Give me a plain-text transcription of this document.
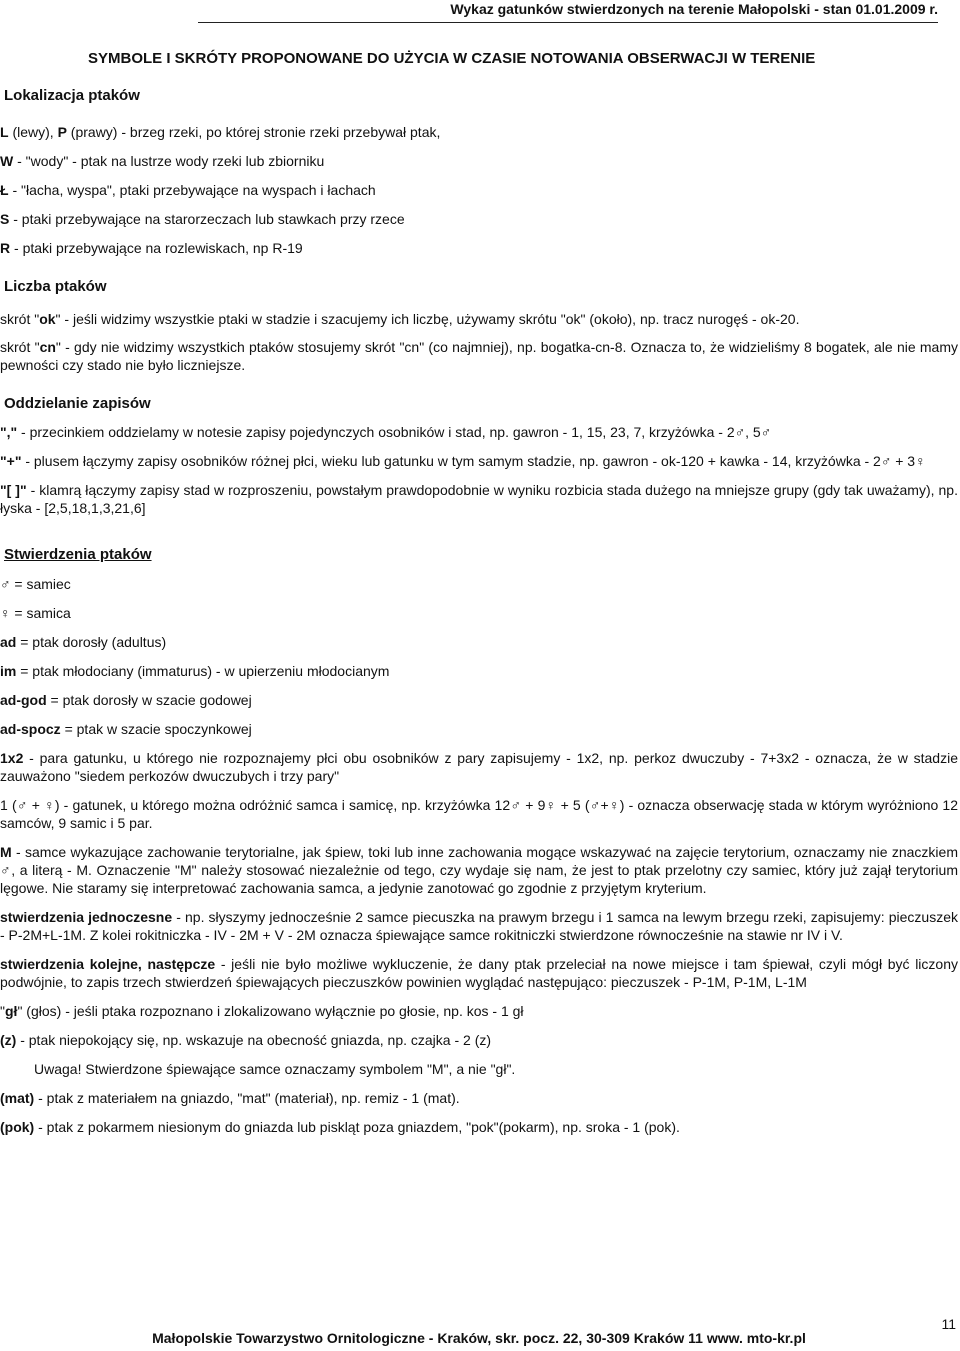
Wykaz gatunków stwierdzonych na terenie Małopolski - stan 01.01.2009 r.
SYMBOLE I SKRÓTY PROPONOWANE DO UŻYCIA W CZASIE NOTOWANIA OBSERWACJI W TERENIE
Lokalizacja ptaków

L (lewy), P (prawy) - brzeg rzeki, po której stronie rzeki przebywał ptak,

W - "wody" - ptak na lustrze wody rzeki lub zbiorniku

Ł - "łacha, wyspa", ptaki przebywające na wyspach i łachach

S - ptaki przebywające na starorzeczach lub stawkach przy rzece

R - ptaki przebywające na rozlewiskach, np R-19

Liczba ptaków

skrót "ok" - jeśli widzimy wszystkie ptaki w stadzie i szacujemy ich liczbę, używamy skrótu "ok" (około), np. tracz nurogęś - ok-20.

skrót "cn" - gdy nie widzimy wszystkich ptaków stosujemy skrót "cn" (co najmniej), np. bogatka-cn-8. Oznacza to, że widzieliśmy 8 bogatek, ale nie mamy pewności czy stado nie było liczniejsze.

Oddzielanie zapisów

"," - przecinkiem oddzielamy w notesie zapisy pojedynczych osobników i stad, np. gawron - 1, 15, 23, 7, krzyżówka - 2♂, 5♂

"+" - plusem łączymy zapisy osobników różnej płci, wieku lub gatunku w tym samym stadzie, np. gawron - ok-120 + kawka - 14, krzyżówka - 2♂ + 3♀

"[ ]" - klamrą łączymy zapisy stad w rozproszeniu, powstałym prawdopodobnie w wyniku rozbicia stada dużego na mniejsze grupy (gdy tak uważamy), np. łyska - [2,5,18,1,3,21,6]

Stwierdzenia ptaków

♂ = samiec

♀ = samica

ad = ptak dorosły (adultus)

im = ptak młodociany (immaturus) - w upierzeniu młodocianym

ad-god = ptak dorosły w szacie godowej

ad-spocz = ptak w szacie spoczynkowej

1x2 - para gatunku, u którego nie rozpoznajemy płci obu osobników z pary zapisujemy - 1x2, np. perkoz dwuczuby - 7+3x2 - oznacza, że w stadzie zauważono "siedem perkozów dwuczubych i trzy pary"

1 (♂ + ♀) - gatunek, u którego można odróżnić samca i samicę, np. krzyżówka 12♂ + 9♀ + 5 (♂+♀) - oznacza obserwację stada w którym wyróżniono 12 samców, 9 samic i 5 par.

M - samce wykazujące zachowanie terytorialne, jak śpiew, toki lub inne zachowania mogące wskazywać na zajęcie terytorium, oznaczamy nie znaczkiem ♂, a literą - M. Oznaczenie "M" należy stosować niezależnie od tego, czy wydaje się nam, że jest to ptak przelotny czy samiec, który już zajął terytorium lęgowe. Nie staramy się interpretować zachowania samca, a jedynie zanotować go zgodnie z przyjętym kryterium.

stwierdzenia jednoczesne - np. słyszymy jednocześnie 2 samce piecuszka na prawym brzegu i 1 samca na lewym brzegu rzeki, zapisujemy: pieczuszek - P-2M+L-1M. Z kolei rokitniczka - IV - 2M + V - 2M oznacza śpiewające samce rokitniczki stwierdzone równocześnie na stawie nr IV i V.

stwierdzenia kolejne, następcze - jeśli nie było możliwe wykluczenie, że dany ptak przeleciał na nowe miejsce i tam śpiewał, czyli mógł być liczony podwójnie, to zapis trzech stwierdzeń śpiewających pieczuszków powinien wyglądać następująco: pieczuszek - P-1M, P-1M, L-1M

"gł" (głos) - jeśli ptaka rozpoznano i zlokalizowano wyłącznie po głosie, np. kos - 1 gł

(z) - ptak niepokojący się, np. wskazuje na obecność gniazda, np. czajka - 2 (z)

Uwaga! Stwierdzone śpiewające samce oznaczamy symbolem "M", a nie "gł".

(mat) - ptak z materiałem na gniazdo, "mat" (materiał), np. remiz - 1 (mat).

(pok) - ptak z pokarmem niesionym do gniazda lub piskląt poza gniazdem, "pok"(pokarm), np. sroka - 1 (pok).

11
Małopolskie Towarzystwo Ornitologiczne - Kraków, skr. pocz. 22, 30-309 Kraków 11 www. mto-kr.pl
